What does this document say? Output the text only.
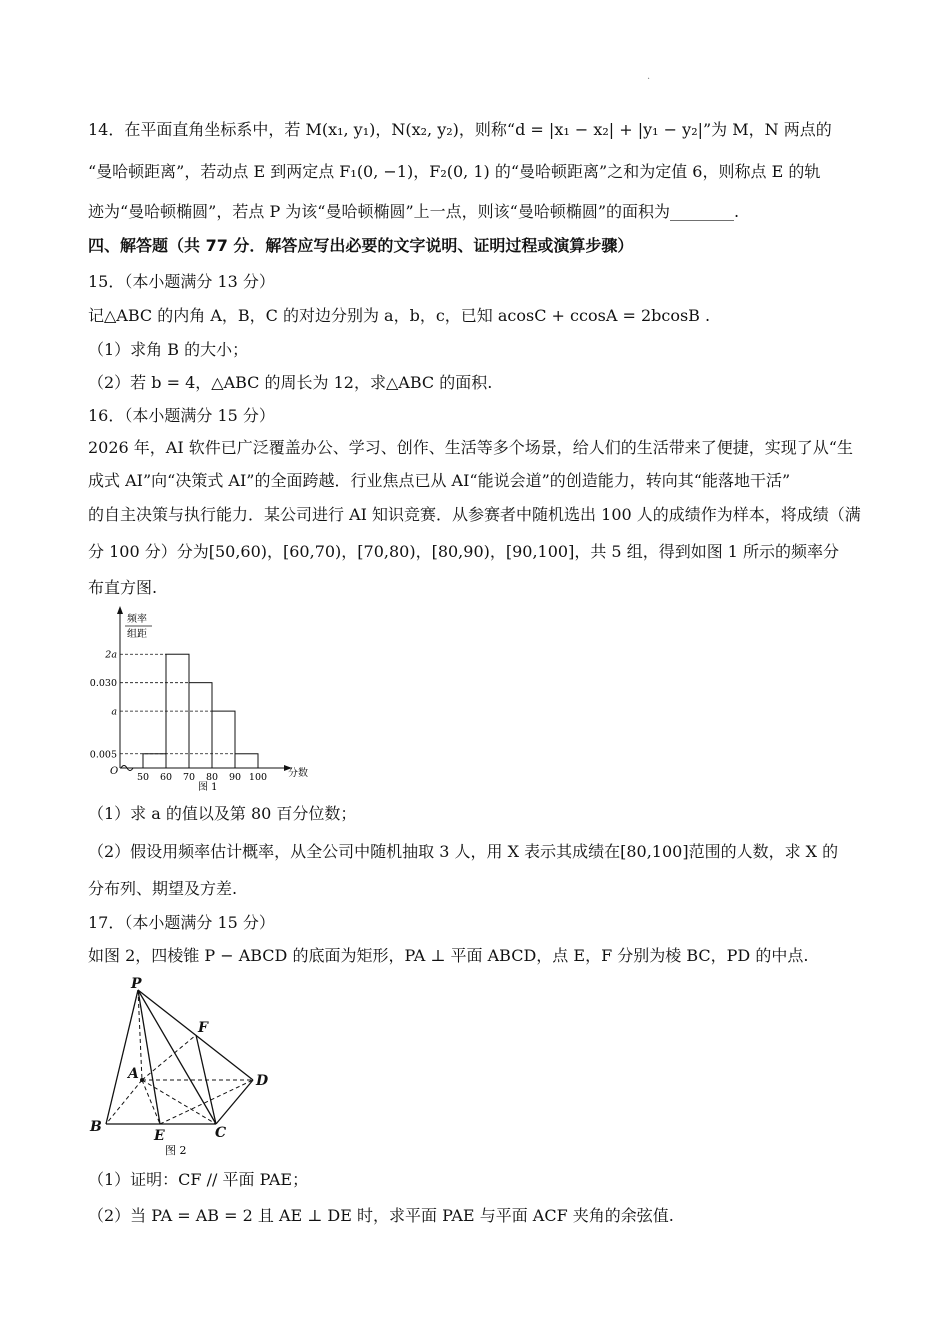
·
14．在平面直角坐标系中，若 M(x₁, y₁)，N(x₂, y₂)，则称“d = |x₁ − x₂| + |y₁ − y₂|”为 M，N 两点的
“曼哈顿距离”，若动点 E 到两定点 F₁(0, −1)，F₂(0, 1) 的“曼哈顿距离”之和为定值 6，则称点 E 的轨
迹为“曼哈顿椭圆”，若点 P 为该“曼哈顿椭圆”上一点，则该“曼哈顿椭圆”的面积为________.
四、解答题（共 77 分．解答应写出必要的文字说明、证明过程或演算步骤）
15．（本小题满分 13 分）
记△ABC 的内角 A，B，C 的对边分别为 a，b，c，已知 acosC + ccosA = 2bcosB .
（1）求角 B 的大小；
（2）若 b = 4，△ABC 的周长为 12，求△ABC 的面积.
16．（本小题满分 15 分）
2026 年，AI 软件已广泛覆盖办公、学习、创作、生活等多个场景，给人们的生活带来了便捷，实现了从“生
成式 AI”向“决策式 AI”的全面跨越．行业焦点已从 AI“能说会道”的创造能力，转向其“能落地干活”
的自主决策与执行能力．某公司进行 AI 知识竞赛．从参赛者中随机选出 100 人的成绩作为样本，将成绩（满
分 100 分）分为[50,60)，[60,70)，[70,80)，[80,90)，[90,100]，共 5 组，得到如图 1 所示的频率分
布直方图.
频率
组距
分数
O
图 1
0.005
a
0.030
2a
50 60 70 80 90 100
（1）求 a 的值以及第 80 百分位数；
（2）假设用频率估计概率，从全公司中随机抽取 3 人，用 X 表示其成绩在[80,100]范围的人数，求 X 的
分布列、期望及方差.
17．（本小题满分 15 分）
如图 2，四棱锥 P − ABCD 的底面为矩形，PA ⊥ 平面 ABCD，点 E，F 分别为棱 BC，PD 的中点.
P
A
B
E	C
D
F
图 2
（1）证明：CF // 平面 PAE；
（2）当 PA = AB = 2 且 AE ⊥ DE 时，求平面 PAE 与平面 ACF 夹角的余弦值.
